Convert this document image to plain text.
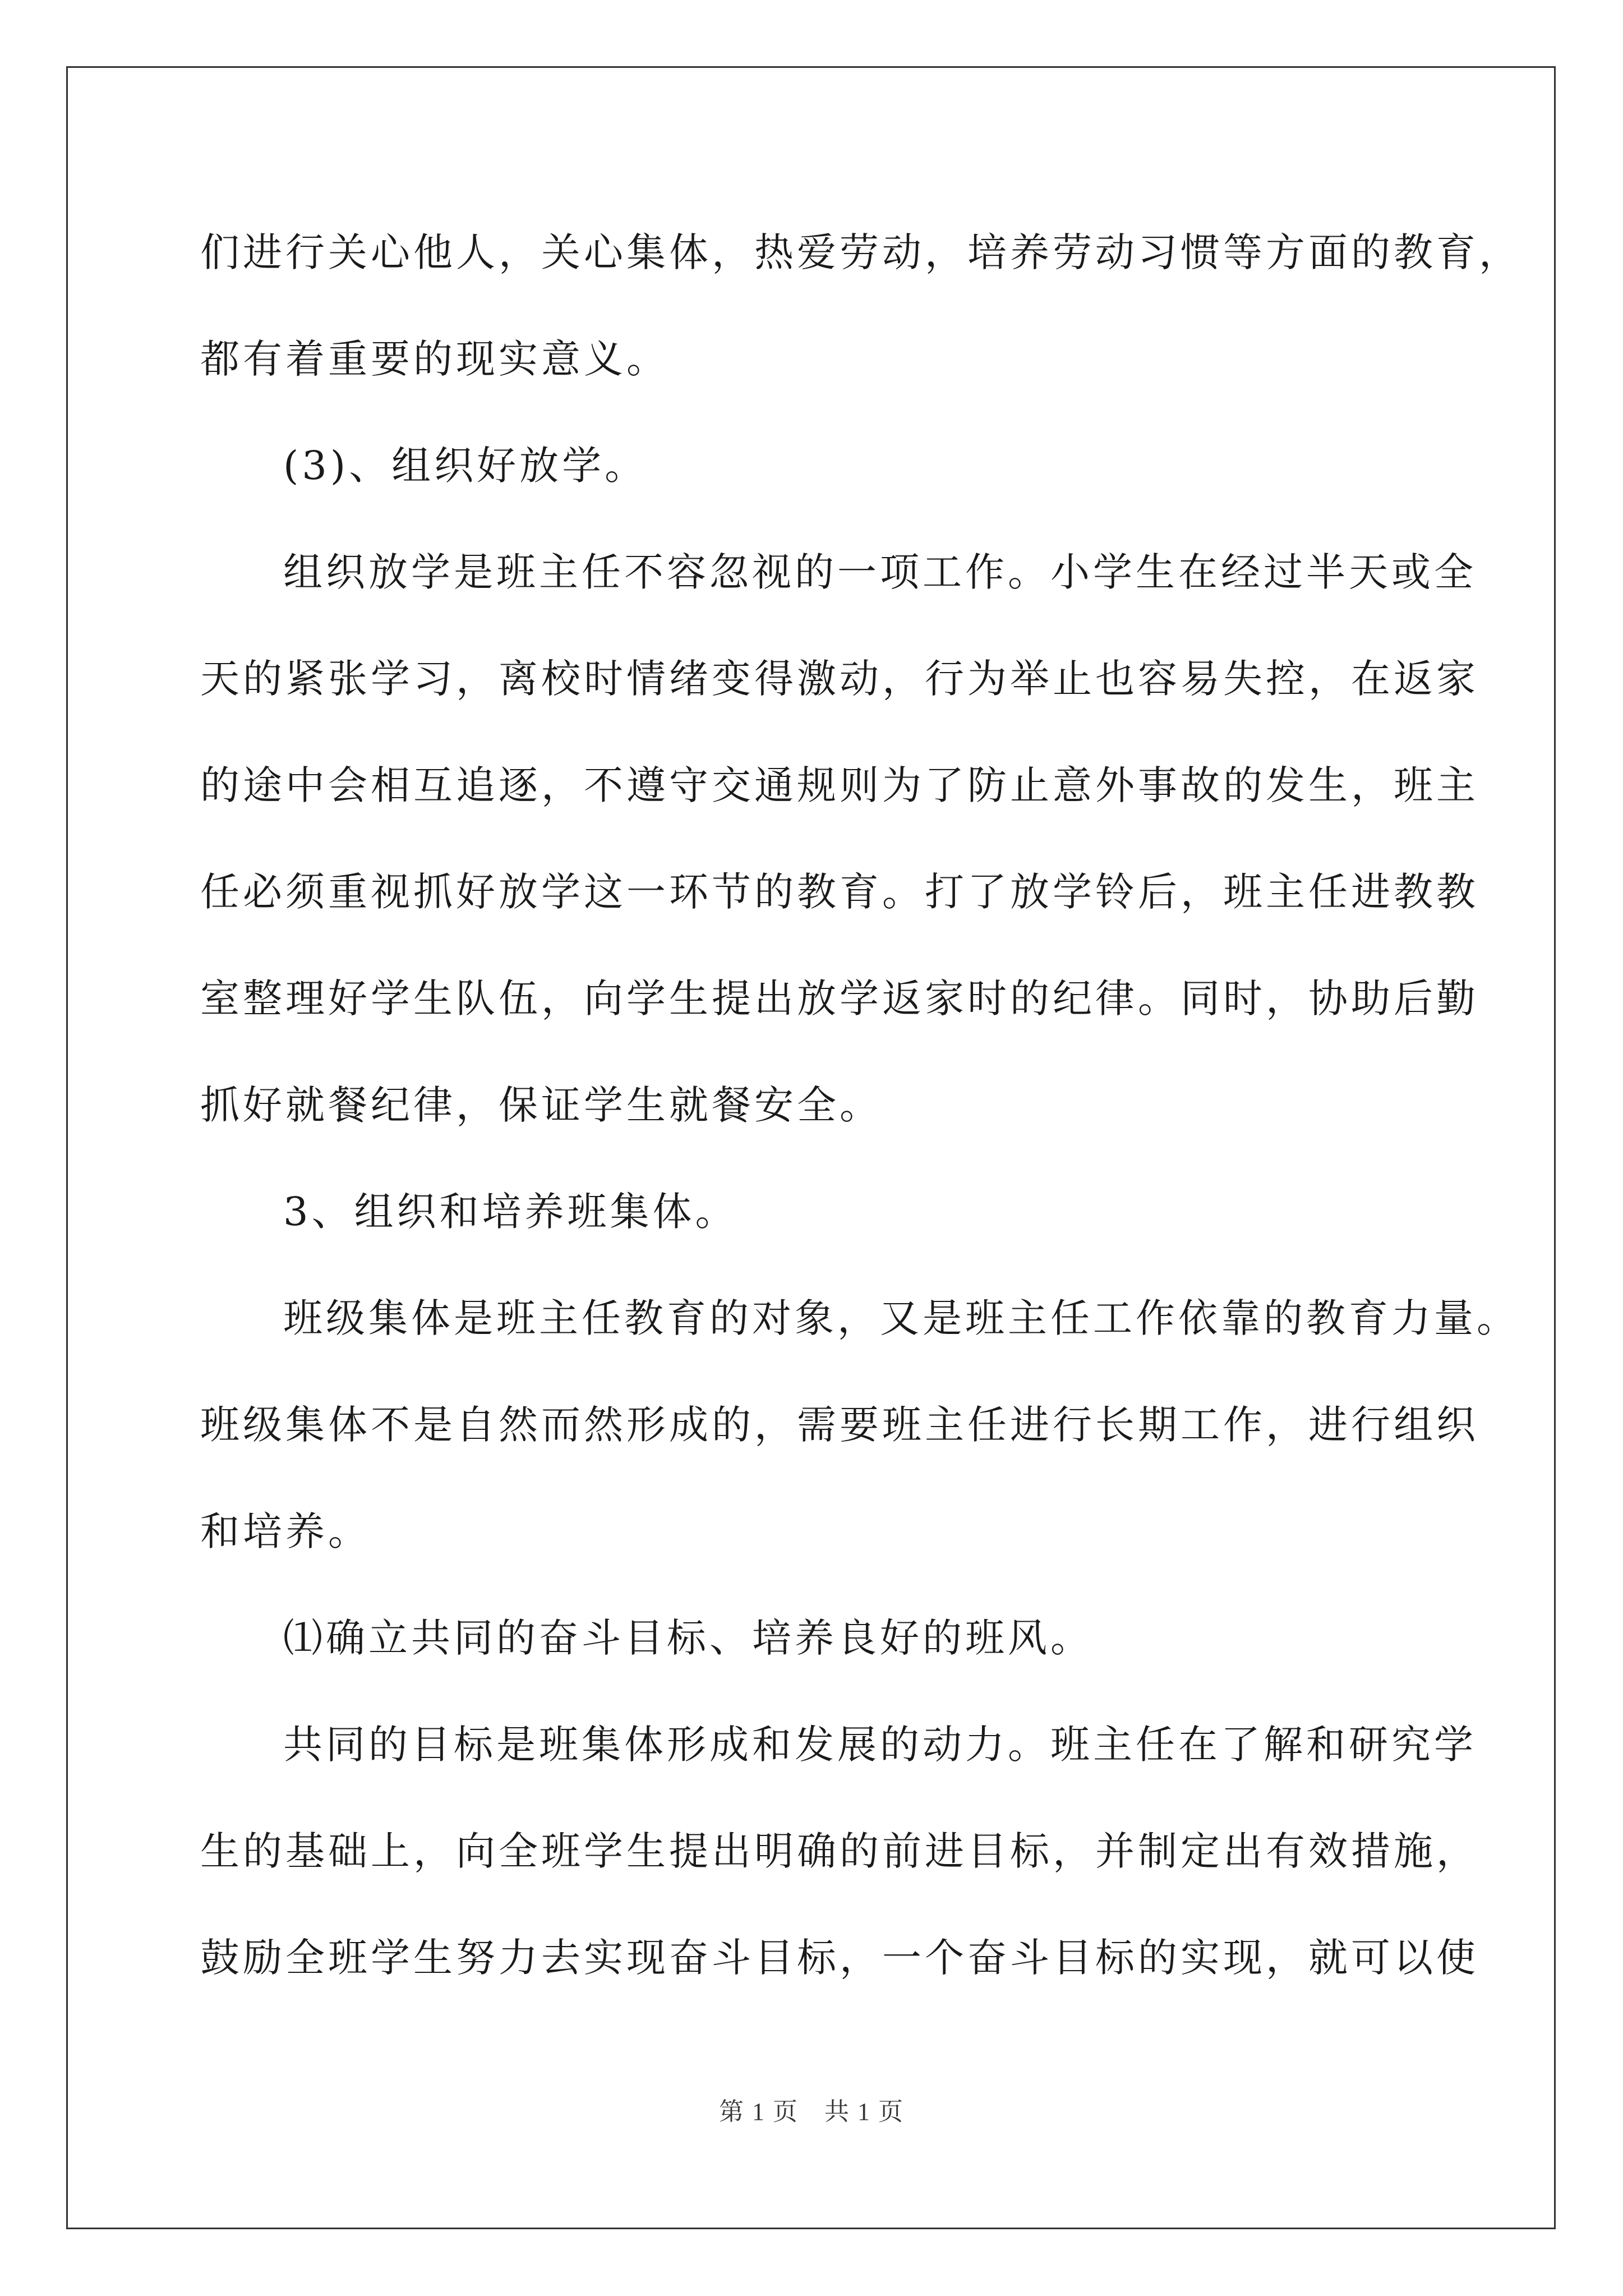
们进行关心他人，关心集体，热爱劳动，培养劳动习惯等方面的教育，
都有着重要的现实意义。
(3)、组织好放学。
组织放学是班主任不容忽视的一项工作。小学生在经过半天或全
天的紧张学习，离校时情绪变得激动，行为举止也容易失控，在返家
的途中会相互追逐，不遵守交通规则为了防止意外事故的发生，班主
任必须重视抓好放学这一环节的教育。打了放学铃后，班主任进教教
室整理好学生队伍，向学生提出放学返家时的纪律。同时，协助后勤
抓好就餐纪律，保证学生就餐安全。
3、组织和培养班集体。
班级集体是班主任教育的对象，又是班主任工作依靠的教育力量。
班级集体不是自然而然形成的，需要班主任进行长期工作，进行组织
和培养。
⑴确立共同的奋斗目标、培养良好的班风。
共同的目标是班集体形成和发展的动力。班主任在了解和研究学
生的基础上，向全班学生提出明确的前进目标，并制定出有效措施，
鼓励全班学生努力去实现奋斗目标，一个奋斗目标的实现，就可以使
第 1 页　共 1 页
